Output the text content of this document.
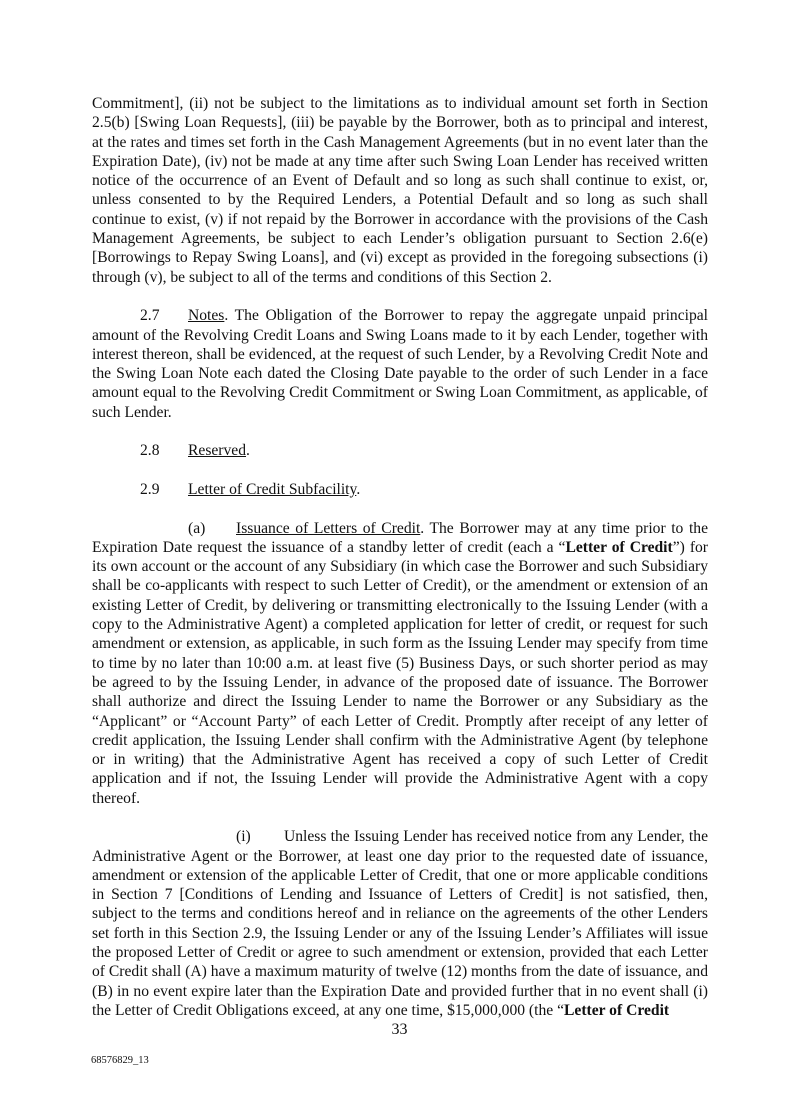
Commitment], (ii) not be subject to the limitations as to individual amount set forth in Section 2.5(b) [Swing Loan Requests], (iii) be payable by the Borrower, both as to principal and interest, at the rates and times set forth in the Cash Management Agreements (but in no event later than the Expiration Date), (iv) not be made at any time after such Swing Loan Lender has received written notice of the occurrence of an Event of Default and so long as such shall continue to exist, or, unless consented to by the Required Lenders, a Potential Default and so long as such shall continue to exist, (v) if not repaid by the Borrower in accordance with the provisions of the Cash Management Agreements, be subject to each Lender’s obligation pursuant to Section 2.6(e) [Borrowings to Repay Swing Loans], and (vi) except as provided in the foregoing subsections (i) through (v), be subject to all of the terms and conditions of this Section 2.

2.7 Notes. The Obligation of the Borrower to repay the aggregate unpaid principal amount of the Revolving Credit Loans and Swing Loans made to it by each Lender, together with interest thereon, shall be evidenced, at the request of such Lender, by a Revolving Credit Note and the Swing Loan Note each dated the Closing Date payable to the order of such Lender in a face amount equal to the Revolving Credit Commitment or Swing Loan Commitment, as applicable, of such Lender.

2.8 Reserved.

2.9 Letter of Credit Subfacility.

(a) Issuance of Letters of Credit. The Borrower may at any time prior to the Expiration Date request the issuance of a standby letter of credit (each a “Letter of Credit”) for its own account or the account of any Subsidiary (in which case the Borrower and such Subsidiary shall be co-applicants with respect to such Letter of Credit), or the amendment or extension of an existing Letter of Credit, by delivering or transmitting electronically to the Issuing Lender (with a copy to the Administrative Agent) a completed application for letter of credit, or request for such amendment or extension, as applicable, in such form as the Issuing Lender may specify from time to time by no later than 10:00 a.m. at least five (5) Business Days, or such shorter period as may be agreed to by the Issuing Lender, in advance of the proposed date of issuance. The Borrower shall authorize and direct the Issuing Lender to name the Borrower or any Subsidiary as the “Applicant” or “Account Party” of each Letter of Credit. Promptly after receipt of any letter of credit application, the Issuing Lender shall confirm with the Administrative Agent (by telephone or in writing) that the Administrative Agent has received a copy of such Letter of Credit application and if not, the Issuing Lender will provide the Administrative Agent with a copy thereof.

(i) Unless the Issuing Lender has received notice from any Lender, the Administrative Agent or the Borrower, at least one day prior to the requested date of issuance, amendment or extension of the applicable Letter of Credit, that one or more applicable conditions in Section 7 [Conditions of Lending and Issuance of Letters of Credit] is not satisfied, then, subject to the terms and conditions hereof and in reliance on the agreements of the other Lenders set forth in this Section 2.9, the Issuing Lender or any of the Issuing Lender’s Affiliates will issue the proposed Letter of Credit or agree to such amendment or extension, provided that each Letter of Credit shall (A) have a maximum maturity of twelve (12) months from the date of issuance, and (B) in no event expire later than the Expiration Date and provided further that in no event shall (i) the Letter of Credit Obligations exceed, at any one time, $15,000,000 (the “Letter of Credit

33
68576829_13
